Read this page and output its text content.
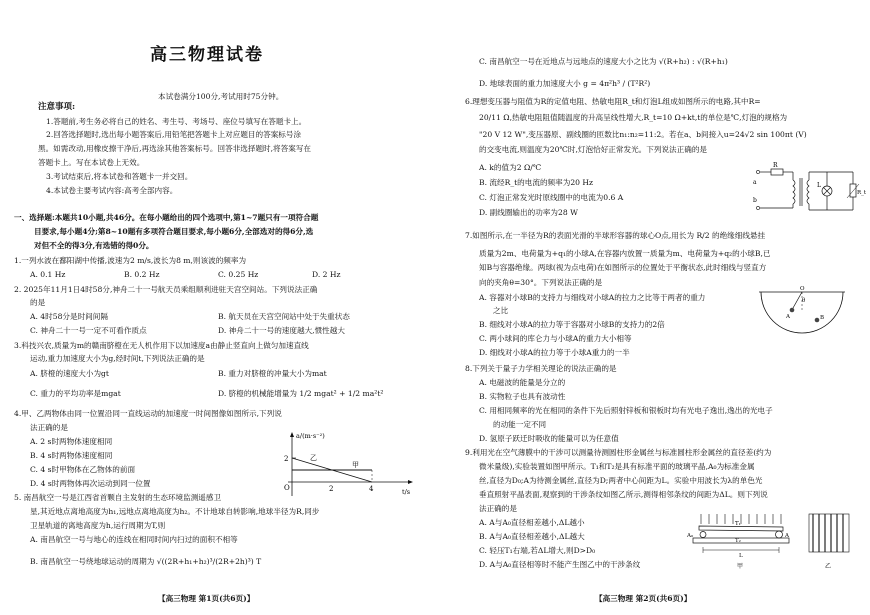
高三物理试卷
本试卷满分100分,考试用时75分钟。
注意事项:
1.答题前,考生务必将自己的姓名、考生号、考场号、座位号填写在答题卡上。
2.回答选择题时,选出每小题答案后,用铅笔把答题卡上对应题目的答案标号涂
黑。如需改动,用橡皮擦干净后,再选涂其他答案标号。回答非选择题时,将答案写在
答题卡上。写在本试卷上无效。
3.考试结束后,将本试卷和答题卡一并交回。
4.本试卷主要考试内容:高考全部内容。
一、选择题:本题共10小题,共46分。在每小题给出的四个选项中,第1~7题只有一项符合题
目要求,每小题4分;第8~10题有多项符合题目要求,每小题6分,全部选对的得6分,选
对但不全的得3分,有选错的得0分。
1.一列水波在鄱阳湖中传播,波速为2 m/s,波长为8 m,则该波的频率为
A. 0.1 Hz	B. 0.2 Hz	C. 0.25 Hz	D. 2 Hz
2. 2025年11月1日4时58分,神舟二十一号航天员乘组顺利进驻天宫空间站。下列说法正确
的是
A. 4时58分是时间间隔	B. 航天员在天宫空间站中处于失重状态
C. 神舟二十一号一定不可看作质点	D. 神舟二十一号的速度越大,惯性越大
3.科技兴农,质量为m的赣南脐橙在无人机作用下以加速度a由静止竖直向上做匀加速直线
运动,重力加速度大小为g,经时间t,下列说法正确的是
A. 脐橙的速度大小为gt	B. 重力对脐橙的冲量大小为mat
C. 重力的平均功率是mgat	D. 脐橙的机械能增量为 1/2 mgat² + 1/2 ma²t²
4.甲、乙两物体由同一位置沿同一直线运动的加速度一时间图像如图所示,下列说
法正确的是
A. 2 s时两物体速度相同
B. 4 s时两物体速度相同
C. 4 s时甲物体在乙物体的前面
D. 4 s时两物体再次运动到同一位置
a/(m·s⁻²)
2
O	2	4	t/s
甲
乙
5. 南昌航空一号是江西省首颗自主发射的生态环境监测遥感卫
星,其近地点离地高度为h₁,远地点离地高度为h₂。不计地球自转影响,地球半径为R,同步
卫星轨道的离地高度为h,运行周期为T,则
A. 南昌航空一号与地心的连线在相同时间内扫过的面积不相等
B. 南昌航空一号绕地球运动的周期为 √((2R+h₁+h₂)³/(2R+2h)³) T
【高三物理 第1页(共6页)】
C. 南昌航空一号在近地点与远地点的速度大小之比为 √(R+h₂) : √(R+h₁)
D. 地球表面的重力加速度大小 g = 4π²h³ / (T²R²)
6.理想变压器与阻值为R的定值电阻、热敏电阻R_t和灯泡L组成如图所示的电路,其中R=
20/11 Ω,热敏电阻阻值随温度的升高呈线性增大,R_t=10 Ω+kt,t的单位是℃,灯泡的规格为
"20 V 12 W",变压器原、副线圈的匝数比n₁:n₂=11:2。若在a、b间接入u=24√2 sin 100πt (V)
的交变电流,则温度为20℃时,灯泡恰好正常发光。下列说法正确的是
A. k的值为2 Ω/℃
B. 流经R_t的电流的频率为20 Hz
C. 灯泡正常发光时原线圈中的电流为0.6 A
D. 副线圈输出的功率为28 W
a
b
R
L
R_t
7.如图所示,在一半径为R的表面光滑的半球形容器的球心O点,用长为 R/2 的绝缘细线悬挂
质量为2m、电荷量为+q₁的小球A,在容器内放置一质量为m、电荷量为+q₂的小球B,已
知B与容器绝缘。两球(视为点电荷)在如图所示的位置处于平衡状态,此时细线与竖直方
向的夹角θ=30°。下列说法正确的是
A. 容器对小球B的支持力与细线对小球A的拉力之比等于两者的重力
之比
B. 细线对小球A的拉力等于容器对小球B的支持力的2倍
C. 两小球间的库仑力与小球A的重力大小相等
D. 细线对小球A的拉力等于小球A重力的一半
O
θ
A	B
8.下列关于量子力学相关理论的说法正确的是
A. 电磁波的能量是分立的
B. 实物粒子也具有波动性
C. 用相同频率的光在相同的条件下先后照射锌板和银板时均有光电子逸出,逸出的光电子
的动能一定不同
D. 氢原子跃迁时吸收的能量可以为任意值
9.利用光在空气薄膜中的干涉可以测量待测圆柱形金属丝与标准圆柱形金属丝的直径差(约为
微米量级),实验装置如图甲所示。T₁和T₂是具有标准平面的玻璃平晶,A₀为标准金属
丝,直径为D₀;A为待测金属丝,直径为D;两者中心间距为L。实验中用波长为λ的单色光
垂直照射平晶表面,观察到的干涉条纹如图乙所示,测得相邻条纹的间距为ΔL。则下列说
法正确的是
A. A与A₀直径相差越小,ΔL越小
B. A与A₀直径相差越小,ΔL越大
C. 轻压T₁右端,若ΔL增大,则D>D₀
D. A与A₀直径相等时不能产生图乙中的干涉条纹
T₁
T₂
A₀	A
L
甲	乙
【高三物理 第2页(共6页)】
